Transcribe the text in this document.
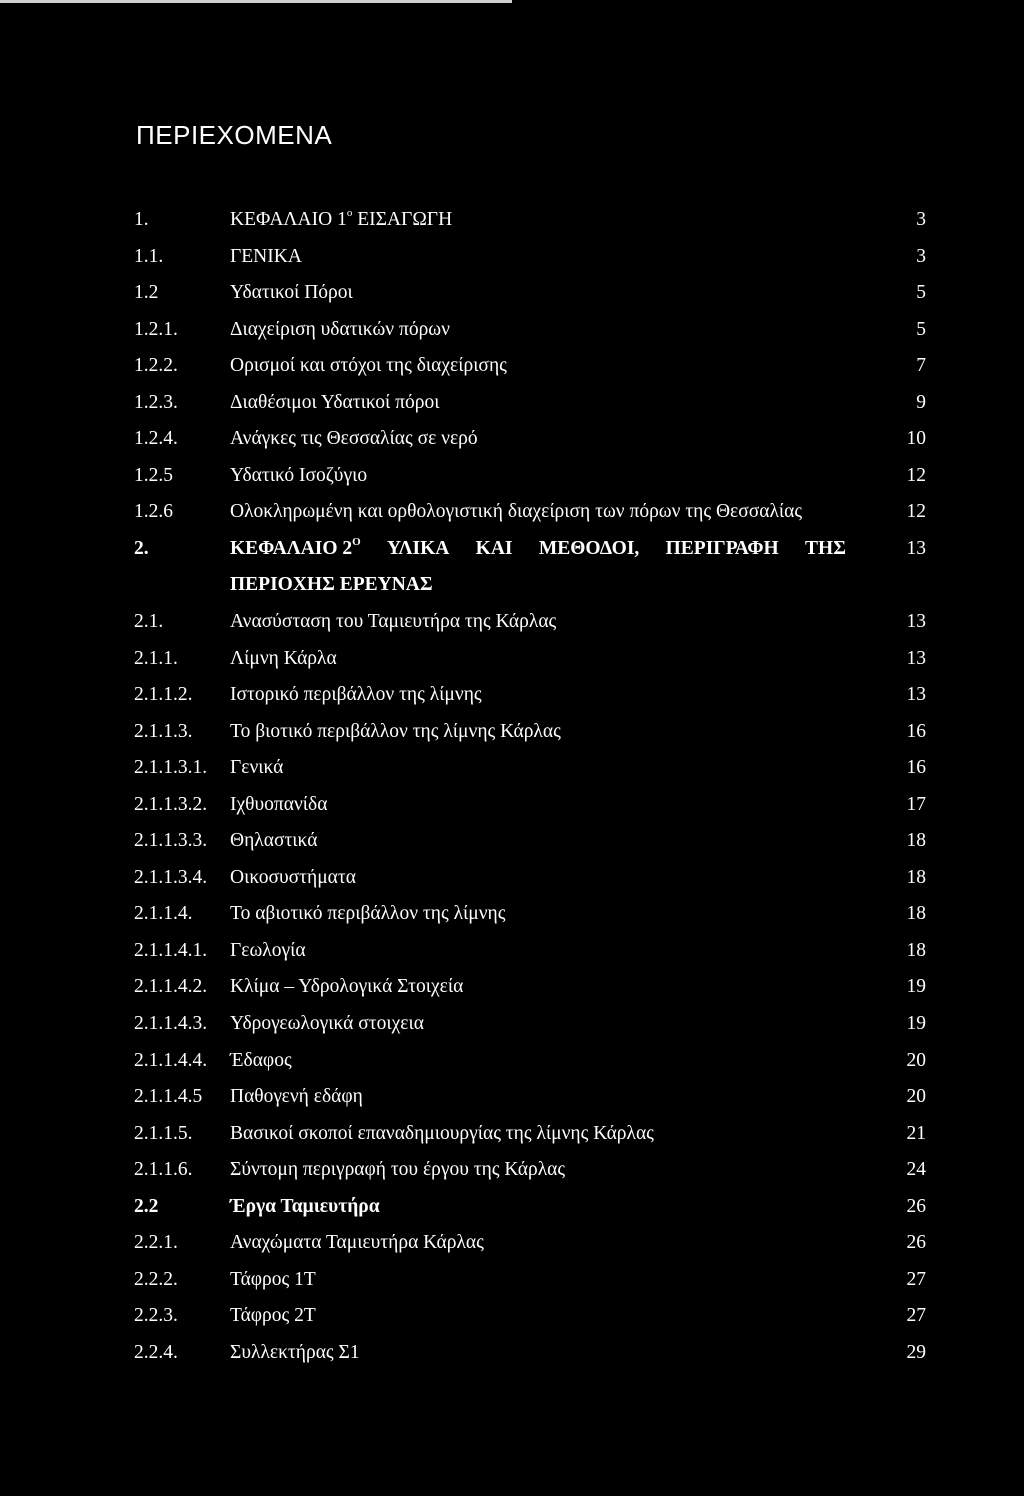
ΠΕΡΙΕΧΟΜΕΝΑ
1.	ΚΕΦΑΛΑΙΟ $1^o$ ΕΙΣΑΓΩΓΗ	3
1.1.	ΓΕΝΙΚΑ	3
1.2	Υδατικοί Πόροι	5
1.2.1.	Διαχείριση υδατικών πόρων	5
1.2.2.	Ορισμοί και στόχοι της διαχείρισης	7
1.2.3.	Διαθέσιμοι Υδατικοί πόροι	9
1.2.4.	Ανάγκες τις Θεσσαλίας σε νερό	10
1.2.5	Υδατικό Ισοζύγιο	12
1.2.6	Ολοκληρωμένη και ορθολογιστική διαχείριση των πόρων της Θεσσαλίας	12
2.	ΚΕΦΑΛΑΙΟ $2^O$ ΥΛΙΚΑ ΚΑΙ ΜΕΘΟΔΟΙ, ΠΕΡΙΓΡΑΦΗ ΤΗΣ	13
ΠΕΡΙΟΧΗΣ ΕΡΕΥΝΑΣ
2.1.	Ανασύσταση του Ταμιευτήρα της Κάρλας	13
2.1.1.	Λίμνη Κάρλα	13
2.1.1.2.	Ιστορικό περιβάλλον της λίμνης	13
2.1.1.3.	Το βιοτικό περιβάλλον της λίμνης Κάρλας	16
2.1.1.3.1.	Γενικά	16
2.1.1.3.2.	Ιχθυοπανίδα	17
2.1.1.3.3.	Θηλαστικά	18
2.1.1.3.4.	Οικοσυστήματα	18
2.1.1.4.	Το αβιοτικό περιβάλλον της λίμνης	18
2.1.1.4.1.	Γεωλογία	18
2.1.1.4.2.	Κλίμα – Υδρολογικά Στοιχεία	19
2.1.1.4.3.	Υδρογεωλογικά στοιχεια	19
2.1.1.4.4.	Έδαφος	20
2.1.1.4.5	Παθογενή εδάφη	20
2.1.1.5.	Βασικοί σκοποί επαναδημιουργίας της λίμνης Κάρλας	21
2.1.1.6.	Σύντομη περιγραφή του έργου της Κάρλας	24
2.2	Έργα Ταμιευτήρα	26
2.2.1.	Αναχώματα Ταμιευτήρα Κάρλας	26
2.2.2.	Τάφρος 1Τ	27
2.2.3.	Τάφρος 2Τ	27
2.2.4.	Συλλεκτήρας Σ1	29
